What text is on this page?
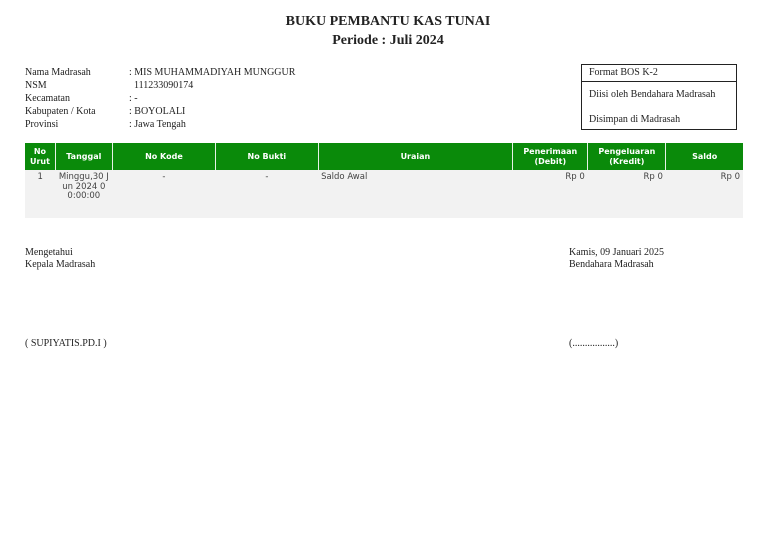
BUKU PEMBANTU KAS TUNAI
Periode : Juli 2024
Nama Madrasah	: MIS MUHAMMADIYAH MUNGGUR
NSM	111233090174
Kecamatan	: -
Kabupaten / Kota	: BOYOLALI
Provinsi	: Jawa Tengah
Format BOS K-2
Diisi oleh Bendahara Madrasah
Disimpan di Madrasah
No Urut	Tanggal	No Kode	No Bukti	Uraian	Penerimaan (Debit)	Pengeluaran (Kredit)	Saldo
1	Minggu,30 Jun 2024 00:00:00	-	-	Saldo Awal	Rp 0	Rp 0	Rp 0
Mengetahui
Kepala Madrasah
Kamis, 09 Januari 2025
Bendahara Madrasah
( SUPIYATIS.PD.I )	(.................)
